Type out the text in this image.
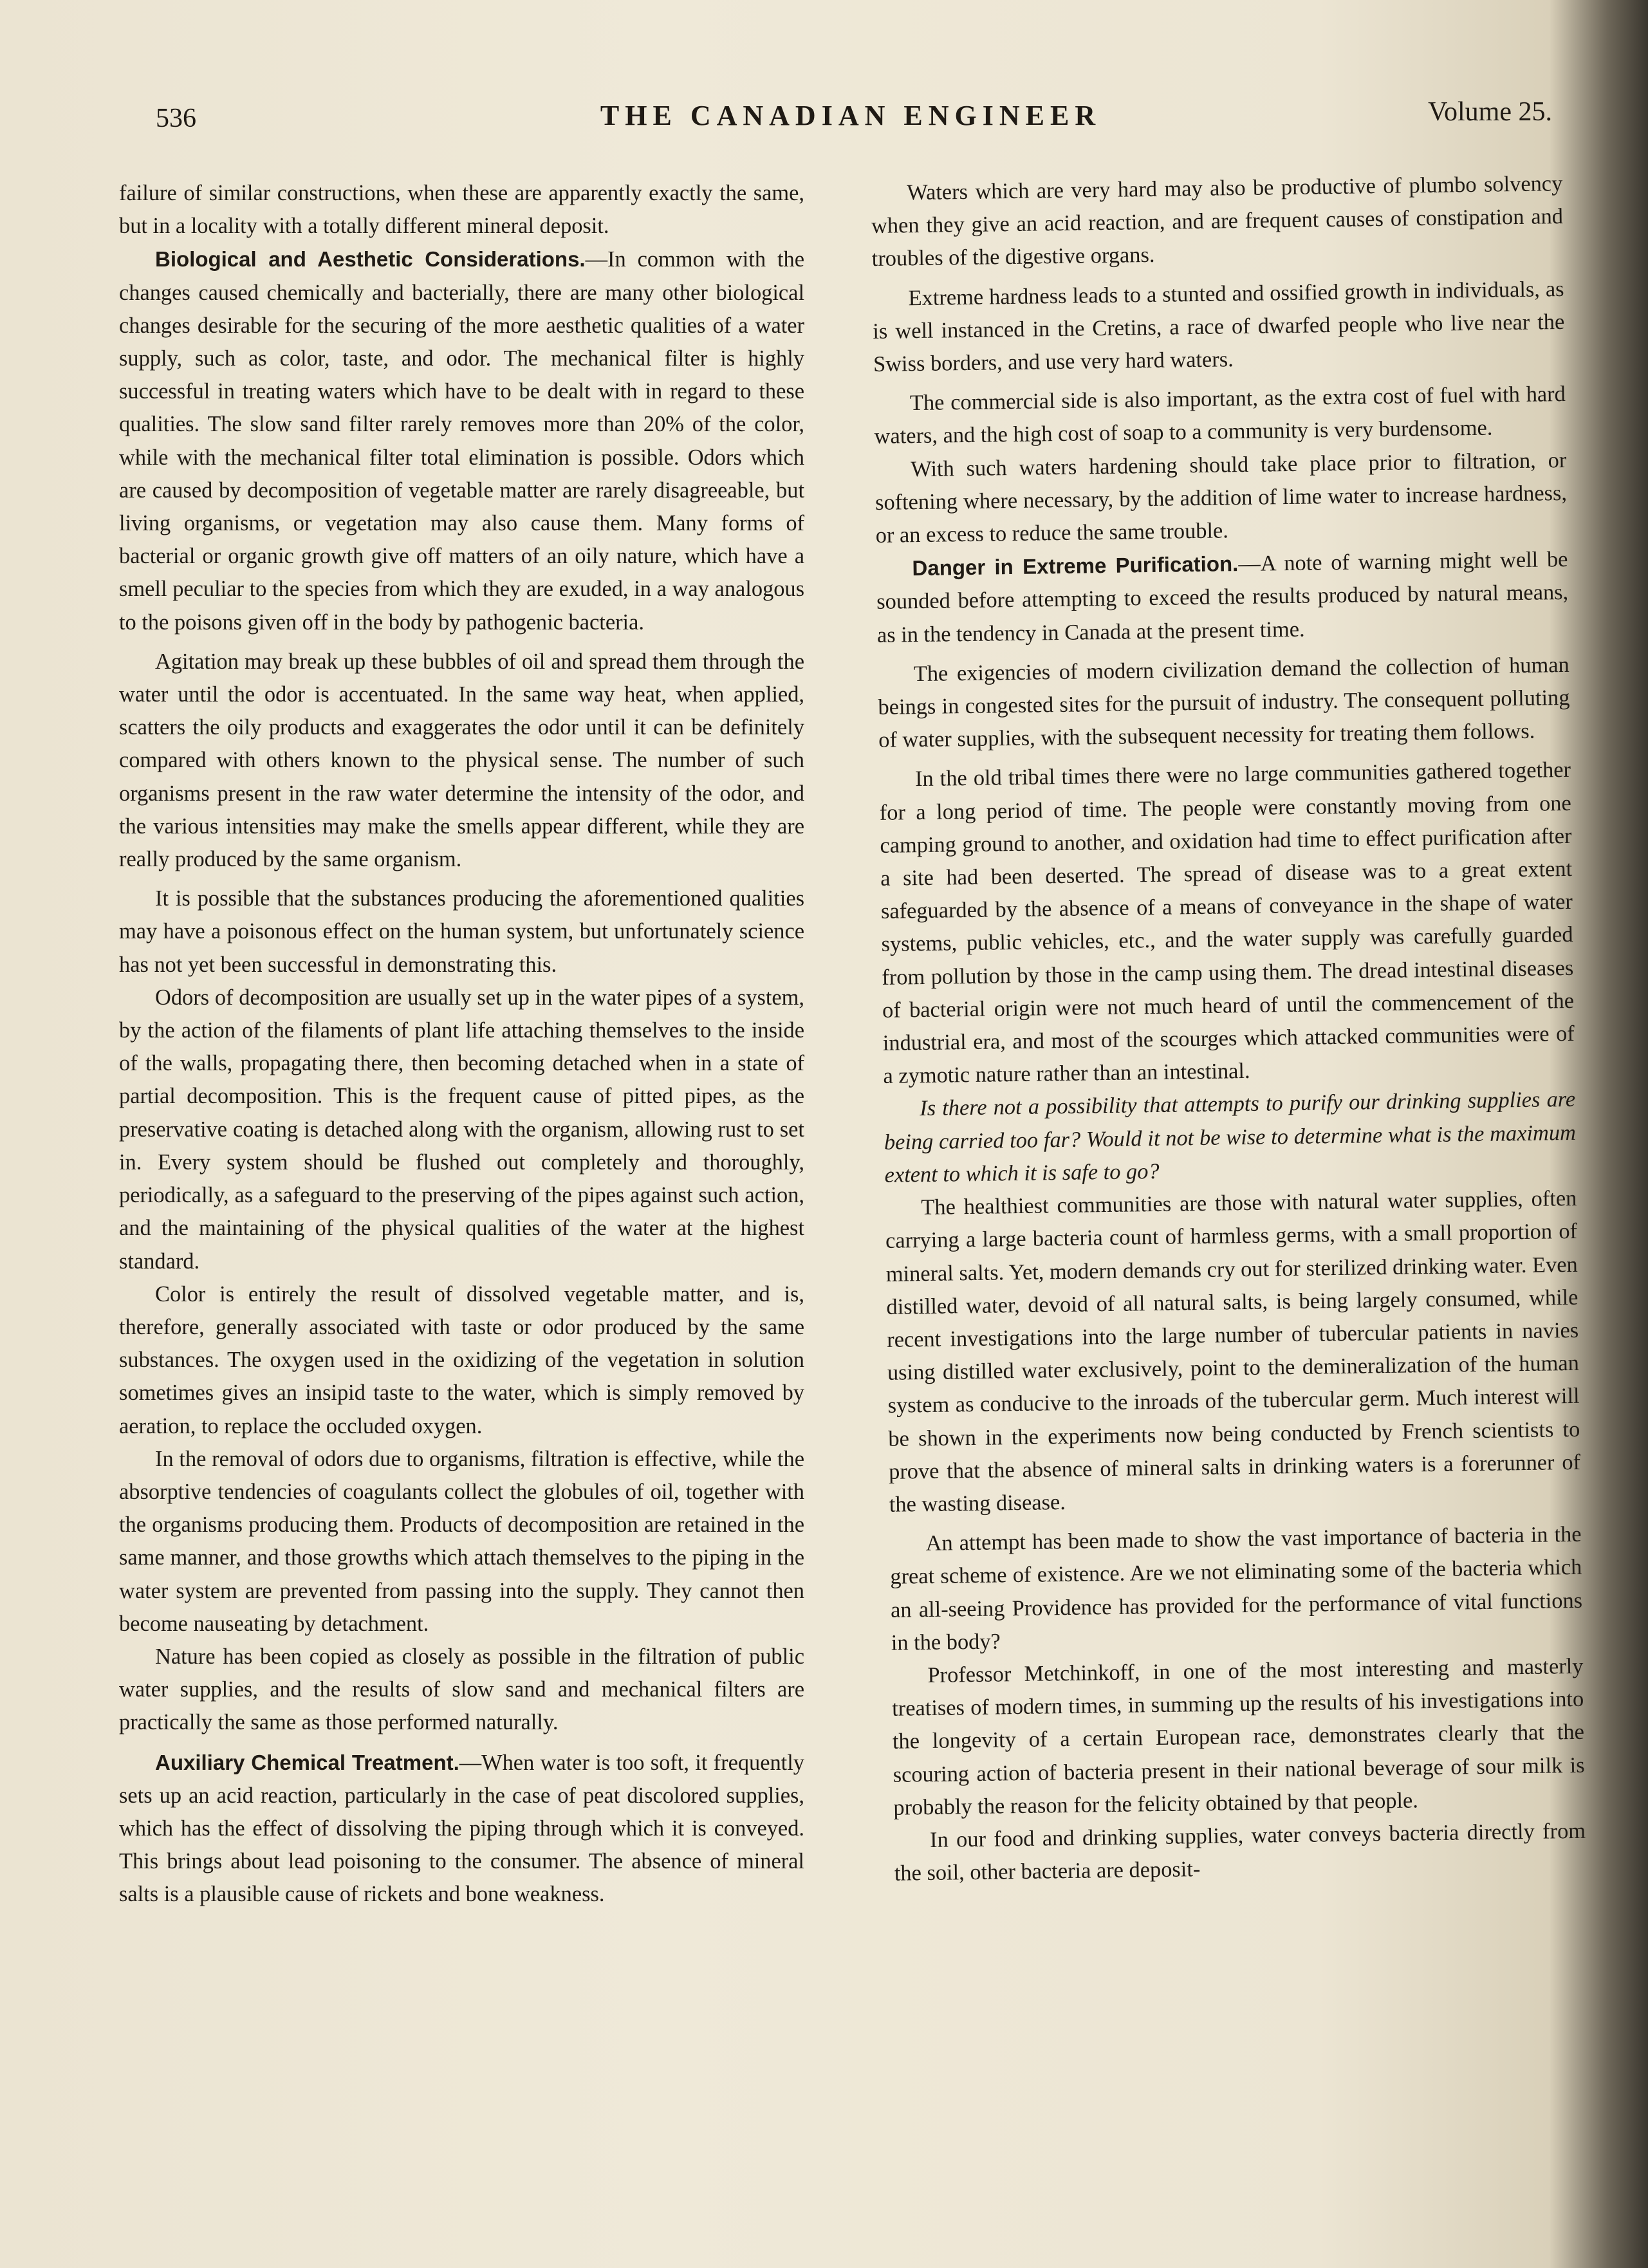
536	THE CANADIAN ENGINEER	Volume 25.

failure of similar constructions, when these are apparently exactly the same, but in a locality with a totally different mineral deposit.

Biological and Aesthetic Considerations.—In common with the changes caused chemically and bacterially, there are many other biological changes desirable for the securing of the more aesthetic qualities of a water supply, such as color, taste, and odor. The mechanical filter is highly successful in treating waters which have to be dealt with in regard to these qualities. The slow sand filter rarely removes more than 20% of the color, while with the mechanical filter total elimination is possible. Odors which are caused by decomposition of vegetable matter are rarely disagreeable, but living organisms, or vegetation may also cause them. Many forms of bacterial or organic growth give off matters of an oily nature, which have a smell peculiar to the species from which they are exuded, in a way analogous to the poisons given off in the body by pathogenic bacteria.

Agitation may break up these bubbles of oil and spread them through the water until the odor is accentuated. In the same way heat, when applied, scatters the oily products and exaggerates the odor until it can be definitely compared with others known to the physical sense. The number of such organisms present in the raw water determine the intensity of the odor, and the various intensities may make the smells appear different, while they are really produced by the same organism.

It is possible that the substances producing the aforementioned qualities may have a poisonous effect on the human system, but unfortunately science has not yet been successful in demonstrating this.

Odors of decomposition are usually set up in the water pipes of a system, by the action of the filaments of plant life attaching themselves to the inside of the walls, propagating there, then becoming detached when in a state of partial decomposition. This is the frequent cause of pitted pipes, as the preservative coating is detached along with the organism, allowing rust to set in. Every system should be flushed out completely and thoroughly, periodically, as a safeguard to the preserving of the pipes against such action, and the maintaining of the physical qualities of the water at the highest standard.

Color is entirely the result of dissolved vegetable matter, and is, therefore, generally associated with taste or odor produced by the same substances. The oxygen used in the oxidizing of the vegetation in solution sometimes gives an insipid taste to the water, which is simply removed by aeration, to replace the occluded oxygen.

In the removal of odors due to organisms, filtration is effective, while the absorptive tendencies of coagulants collect the globules of oil, together with the organisms producing them. Products of decomposition are retained in the same manner, and those growths which attach themselves to the piping in the water system are prevented from passing into the supply. They cannot then become nauseating by detachment.

Nature has been copied as closely as possible in the filtration of public water supplies, and the results of slow sand and mechanical filters are practically the same as those performed naturally.

Auxiliary Chemical Treatment.—When water is too soft, it frequently sets up an acid reaction, particularly in the case of peat discolored supplies, which has the effect of dissolving the piping through which it is conveyed. This brings about lead poisoning to the consumer. The absence of mineral salts is a plausible cause of rickets and bone weakness.

Waters which are very hard may also be productive of plumbo solvency when they give an acid reaction, and are frequent causes of constipation and troubles of the digestive organs.

Extreme hardness leads to a stunted and ossified growth in individuals, as is well instanced in the Cretins, a race of dwarfed people who live near the Swiss borders, and use very hard waters.

The commercial side is also important, as the extra cost of fuel with hard waters, and the high cost of soap to a community is very burdensome.

With such waters hardening should take place prior to filtration, or softening where necessary, by the addition of lime water to increase hardness, or an excess to reduce the same trouble.

Danger in Extreme Purification.—A note of warning might well be sounded before attempting to exceed the results produced by natural means, as in the tendency in Canada at the present time.

The exigencies of modern civilization demand the collection of human beings in congested sites for the pursuit of industry. The consequent polluting of water supplies, with the subsequent necessity for treating them follows.

In the old tribal times there were no large communities gathered together for a long period of time. The people were constantly moving from one camping ground to another, and oxidation had time to effect purification after a site had been deserted. The spread of disease was to a great extent safeguarded by the absence of a means of conveyance in the shape of water systems, public vehicles, etc., and the water supply was carefully guarded from pollution by those in the camp using them. The dread intestinal diseases of bacterial origin were not much heard of until the commencement of the industrial era, and most of the scourges which attacked communities were of a zymotic nature rather than an intestinal.

Is there not a possibility that attempts to purify our drinking supplies are being carried too far? Would it not be wise to determine what is the maximum extent to which it is safe to go?

The healthiest communities are those with natural water supplies, often carrying a large bacteria count of harmless germs, with a small proportion of mineral salts. Yet, modern demands cry out for sterilized drinking water. Even distilled water, devoid of all natural salts, is being largely consumed, while recent investigations into the large number of tubercular patients in navies using distilled water exclusively, point to the demineralization of the human system as conducive to the inroads of the tubercular germ. Much interest will be shown in the experiments now being conducted by French scientists to prove that the absence of mineral salts in drinking waters is a forerunner of the wasting disease.

An attempt has been made to show the vast importance of bacteria in the great scheme of existence. Are we not eliminating some of the bacteria which an all-seeing Providence has provided for the performance of vital functions in the body?

Professor Metchinkoff, in one of the most interesting and masterly treatises of modern times, in summing up the results of his investigations into the longevity of a certain European race, demonstrates clearly that the scouring action of bacteria present in their national beverage of sour milk is probably the reason for the felicity obtained by that people.

In our food and drinking supplies, water conveys bacteria directly from the soil, other bacteria are deposit-
